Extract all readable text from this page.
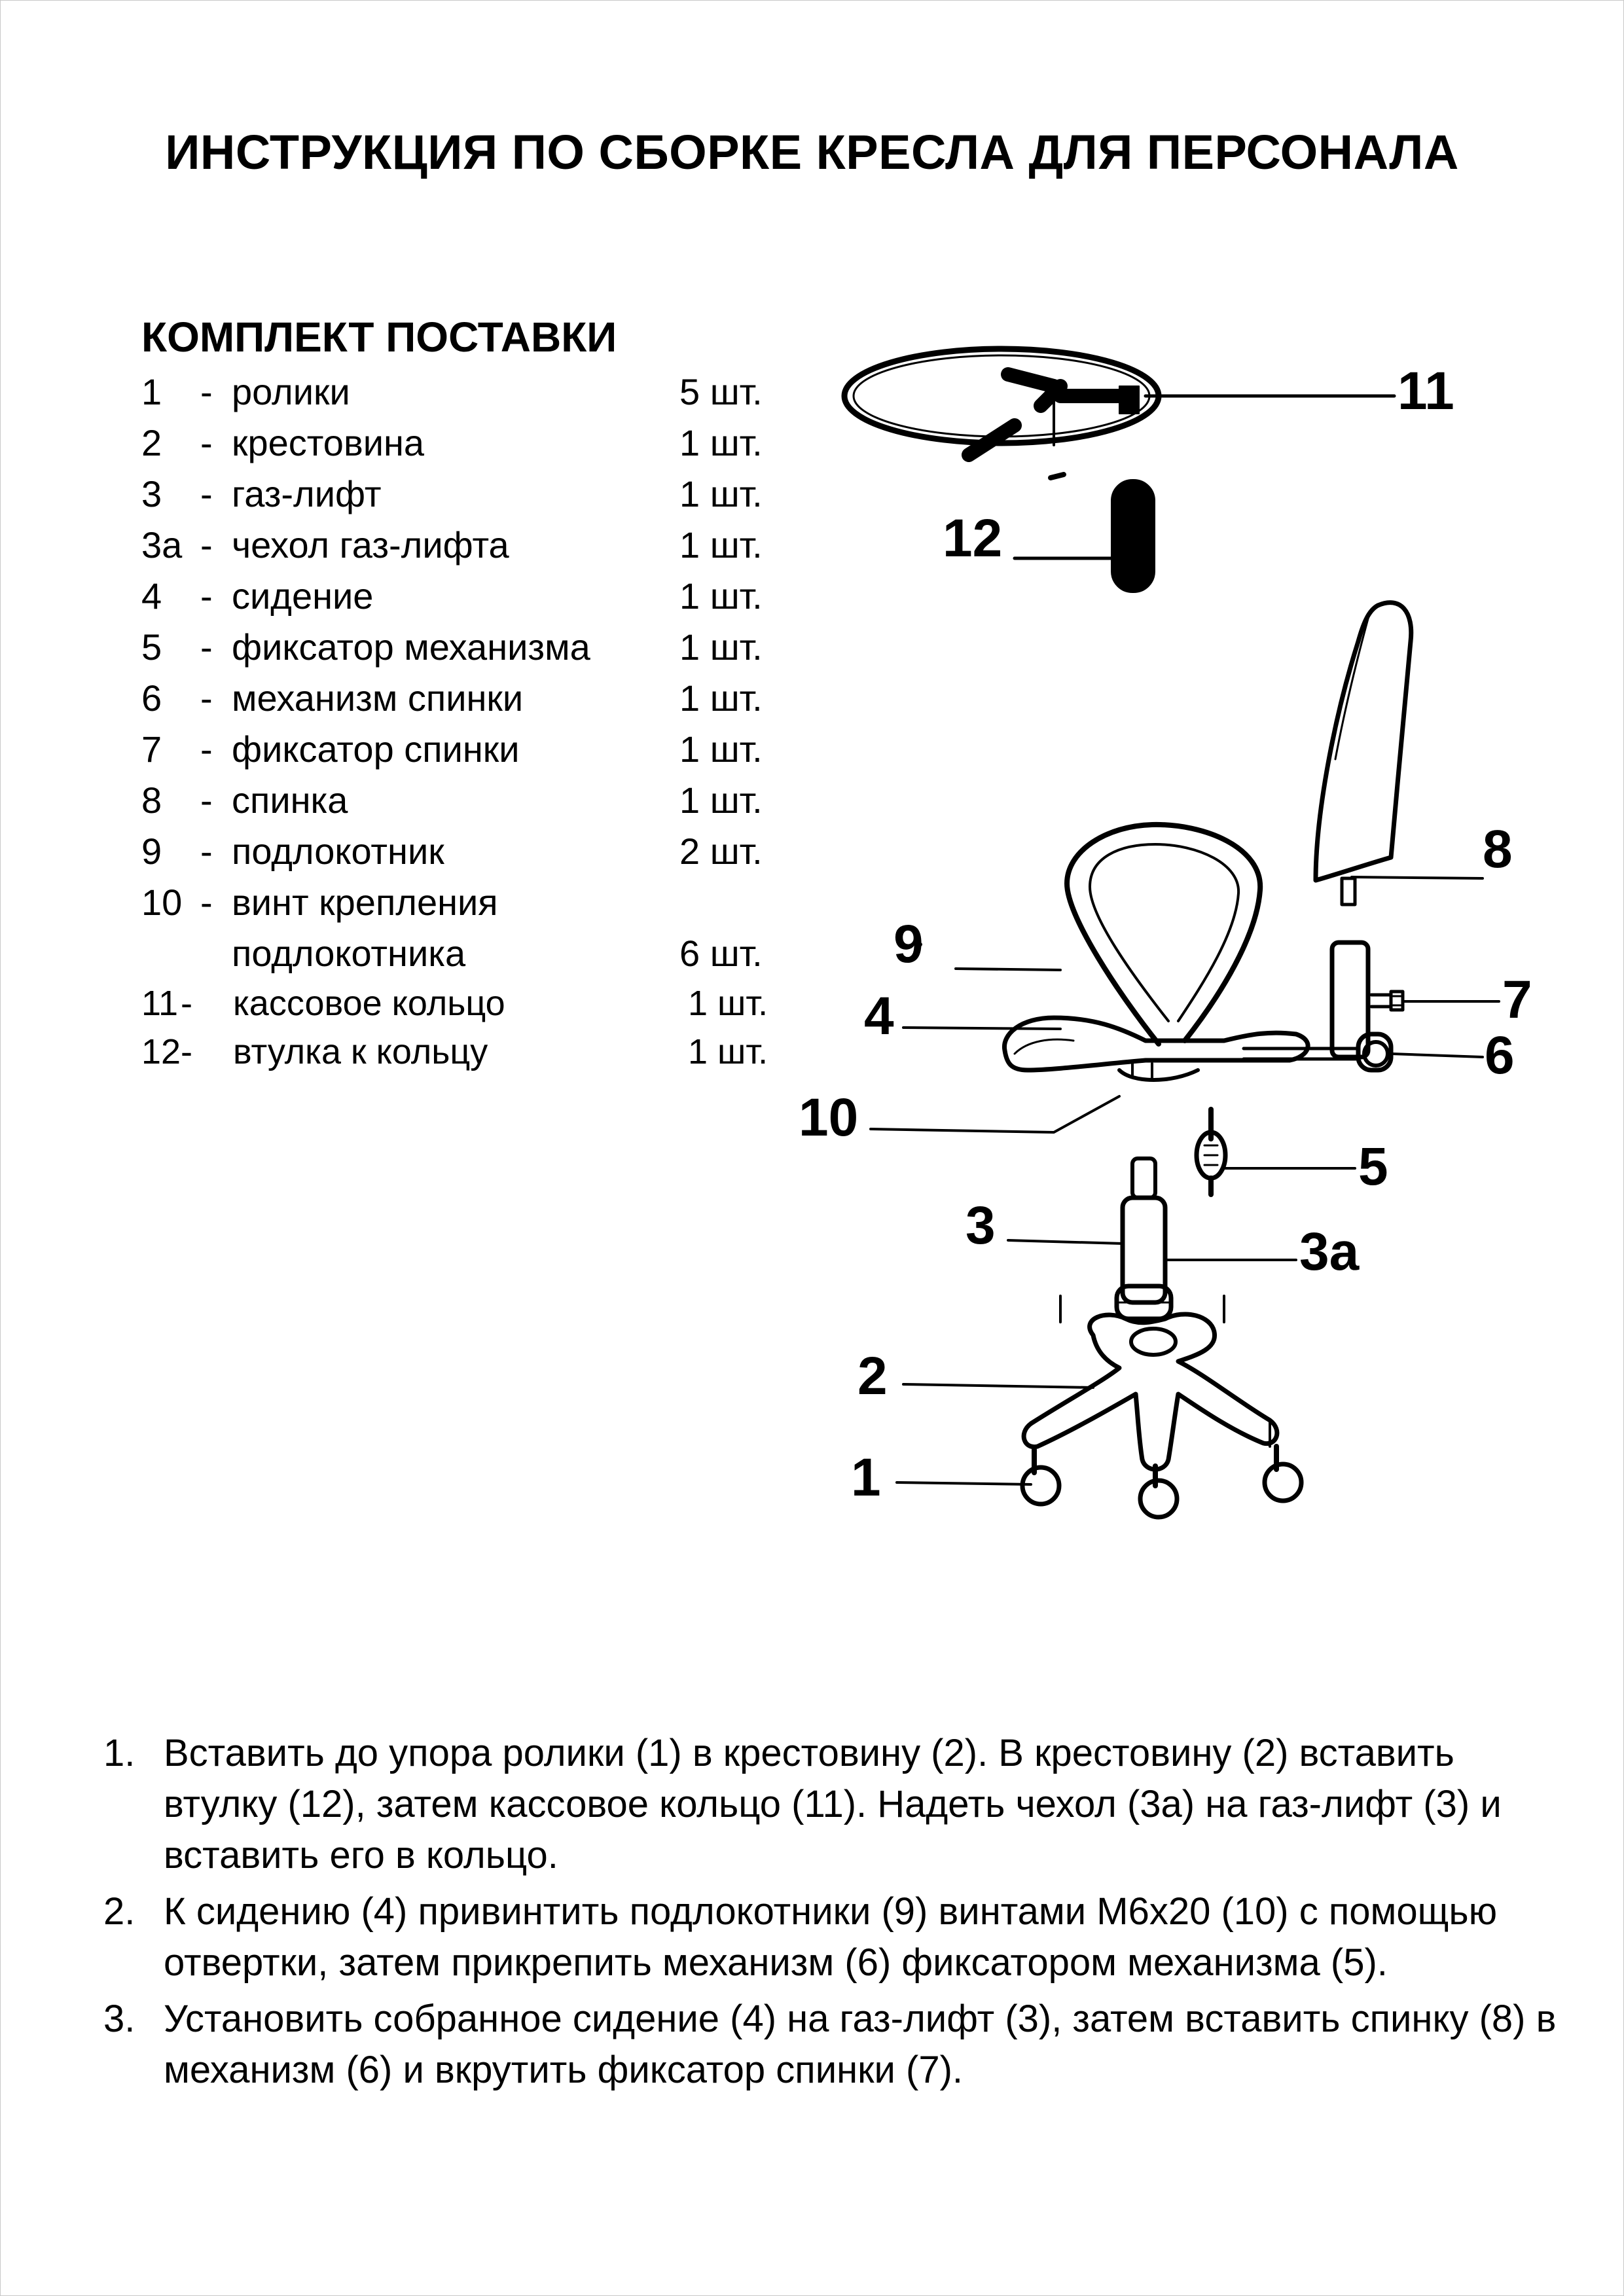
ИНСТРУКЦИЯ ПО СБОРКЕ КРЕСЛА ДЛЯ ПЕРСОНАЛА
КОМПЛЕКТ ПОСТАВКИ
1 - ролики	5 шт.
2 - крестовина	1 шт.
3 - газ-лифт	1 шт.
3а - чехол газ-лифта	1 шт.
4 - сидение	1 шт.
5 - фиксатор механизма	1 шт.
6 - механизм спинки	1 шт.
7 - фиксатор спинки	1 шт.
8 - спинка	1 шт.
9 - подлокотник	2 шт.
10 - винт крепления подлокотника	6 шт.
11 - кассовое кольцо	1 шт.
12 - втулка к кольцу	1 шт.
11
12
8
9
7
4
6
10
5
3	3а
2
1
1. Вставить до упора ролики (1) в крестовину (2). В крестовину (2) вставить втулку (12), затем кассовое кольцо (11). Надеть чехол (3а) на газ-лифт (3) и вставить его в кольцо.
2. К сидению (4) привинтить подлокотники (9) винтами М6х20 (10) с помощью отвертки, затем прикрепить механизм (6) фиксатором механизма (5).
3. Установить собранное сидение (4) на газ-лифт (3), затем вставить спинку (8) в механизм (6) и вкрутить фиксатор спинки (7).
